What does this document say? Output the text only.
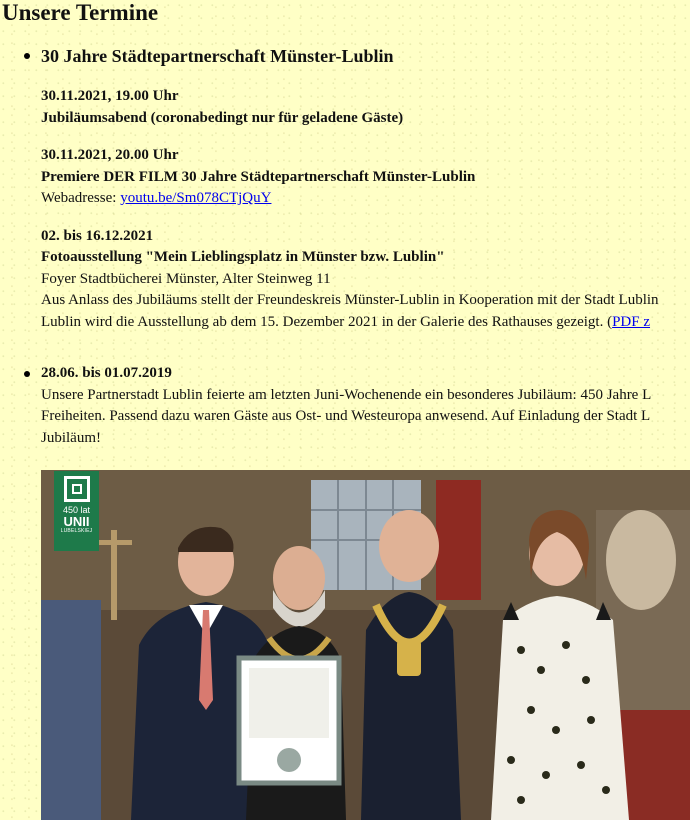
Unsere Termine
30 Jahre Städtepartnerschaft Münster-Lublin
30.11.2021, 19.00 Uhr
Jubiläumsabend (coronabedingt nur für geladene Gäste)
30.11.2021, 20.00 Uhr
Premiere DER FILM 30 Jahre Städtepartnerschaft Münster-Lublin
Webadresse: youtu.be/Sm078CTjQuY
02. bis 16.12.2021
Fotoausstellung "Mein Lieblingsplatz in Münster bzw. Lublin"
Foyer Stadtbücherei Münster, Alter Steinweg 11
Aus Anlass des Jubiläums stellt der Freundeskreis Münster-Lublin in Kooperation mit der Stadt Lublin
Lublin wird die Ausstellung ab dem 15. Dezember 2021 in der Galerie des Rathauses gezeigt. (PDF z
28.06. bis 01.07.2019
Unsere Partnerstadt Lublin feierte am letzten Juni-Wochenende ein besonderes Jubiläum: 450 Jahre L
Freiheiten. Passend dazu waren Gäste aus Ost- und Westeuropa anwesend. Auf Einladung der Stadt L
Jubiläum!
450 lat
UNII
LUBELSKIEJ
